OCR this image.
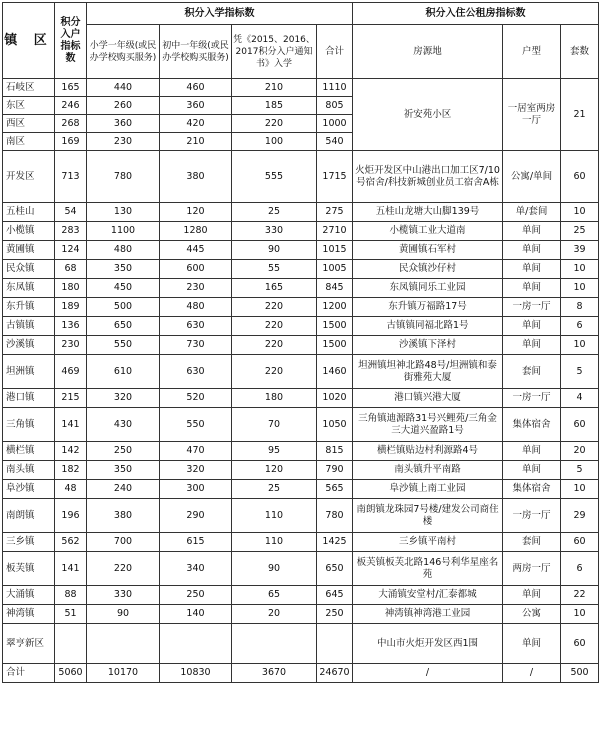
镇 区	积分入户指标数	积分入学指标数				积分入住公租房指标数		
		小学一年级(或民办学校购买服务)	初中一年级(或民办学校购买服务)	凭《2015、2016、2017积分入户通知书》入学	合计	房源地	户型	套数
石岐区	165	440	460	210	1110	祈安苑小区	一居室两房一厅	21
东区	246	260	360	185	805			
西区	268	360	420	220	1000			
南区	169	230	210	100	540			
开发区	713	780	380	555	1715	火炬开发区中山港出口加工区7/10号宿舍/科技新城创业员工宿舍A栋	公寓/单间	60
五桂山	54	130	120	25	275	五桂山龙塘大山脚139号	单/套间	10
小榄镇	283	1100	1280	330	2710	小榄镇工业大道南	单间	25
黄圃镇	124	480	445	90	1015	黄圃镇石军村	单间	39
民众镇	68	350	600	55	1005	民众镇沙仔村	单间	10
东凤镇	180	450	230	165	845	东凤镇同乐工业园	单间	10
东升镇	189	500	480	220	1200	东升镇万福路17号	一房一厅	8
古镇镇	136	650	630	220	1500	古镇镇同福北路1号	单间	6
沙溪镇	230	550	730	220	1500	沙溪镇下泽村	单间	10
坦洲镇	469	610	630	220	1460	坦洲镇坦神北路48号/坦洲镇和泰街雅苑大厦	套间	5
港口镇	215	320	520	180	1020	港口镇兴港大厦	一房一厅	4
三角镇	141	430	550	70	1050	三角镇迪源路31号兴鲤苑/三角金三大道兴盈路1号	集体宿舍	60
横栏镇	142	250	470	95	815	横栏镇贴边村利源路4号	单间	20
南头镇	182	350	320	120	790	南头镇升平南路	单间	5
阜沙镇	48	240	300	25	565	阜沙镇上南工业园	集体宿舍	10
南朗镇	196	380	290	110	780	南朗镇龙珠园7号楼/建发公司商住楼	一房一厅	29
三乡镇	562	700	615	110	1425	三乡镇平南村	套间	60
板芙镇	141	220	340	90	650	板芙镇板芙北路146号利华星座名苑	两房一厅	6
大涌镇	88	330	250	65	645	大涌镇安堂村/汇泰都城	单间	22
神湾镇	51	90	140	20	250	神湾镇神湾港工业园	公寓	10
翠亨新区						中山市火炬开发区西1围	单间	60
合计	5060	10170	10830	3670	24670	/	/	500
